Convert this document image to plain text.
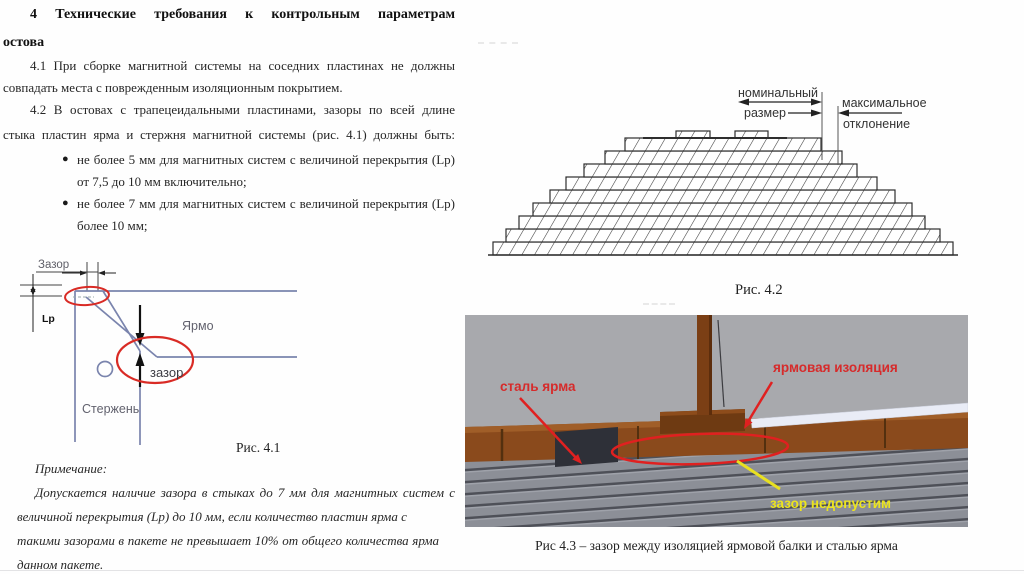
4 Технические требования к контрольным параметрам
остова
4.1 При сборке магнитной системы на соседних пластинах не должны
совпадать места с поврежденным изоляционным покрытием.
4.2 В остовах с трапецеидальными пластинами, зазоры по всей длине
стыка пластин ярма и стержня магнитной системы (рис. 4.1) должны быть:
● не более 5 мм для магнитных систем с величиной перекрытия (Lp)
от 7,5 до 10 мм включительно;
● не более 7 мм для магнитных систем с величиной перекрытия (Lp)
более 10 мм;
Зазор
Lp	Ярмо
зазор
Стержень
Рис. 4.1
Примечание:
Допускается наличие зазора в стыках до 7 мм для магнитных систем с
величиной перекрытия (Lp) до 10 мм, если количество пластин ярма с
такими зазорами в пакете не превышает 10% от общего количества ярма
данном пакете.
номинальный
размер
максимальное
отклонение
Рис. 4.2
сталь ярма
ярмовая изоляция
зазор недопустим
Рис 4.3 – зазор между изоляцией ярмовой балки и сталью ярма
